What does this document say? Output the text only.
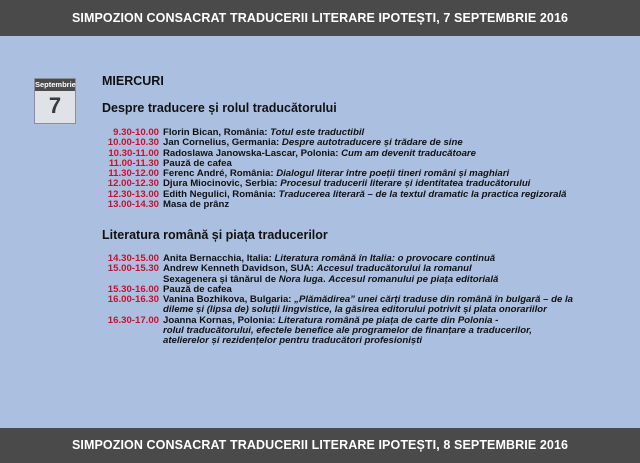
SIMPOZION CONSACRAT TRADUCERII LITERARE IPOTEȘTI, 7 SEPTEMBRIE 2016
Septembrie
7
MIERCURI
Despre traducere și rolul traducătorului
9.30-10.00 Florin Bican, România: Totul este traductibil
10.00-10.30 Jan Cornelius, Germania: Despre autotraducere și trădare de sine
10.30-11.00 Radoslawa Janowska-Lascar, Polonia: Cum am devenit traducătoare
11.00-11.30 Pauză de cafea
11.30-12.00 Ferenc André, România: Dialogul literar între poeții tineri români și maghiari
12.00-12.30 Djura Miocinovic, Serbia: Procesul traducerii literare și identitatea traducătorului
12.30-13.00 Edith Negulici, România: Traducerea literară – de la textul dramatic la practica regizorală
13.00-14.30 Masa de prânz
Literatura română și piața traducerilor
14.30-15.00 Anita Bernacchia, Italia: Literatura română în Italia: o provocare continuă
15.00-15.30 Andrew Kenneth Davidson, SUA: Accesul traducătorului la romanul
Sexagenera și tânărul de Nora Iuga. Accesul romanului pe piața editorială
15.30-16.00 Pauză de cafea
16.00-16.30 Vanina Bozhikova, Bulgaria: „Plămădirea” unei cărți traduse din română în bulgară – de la
dileme și (lipsa de) soluții lingvistice, la găsirea editorului potrivit și plata onorariilor
16.30-17.00 Joanna Kornas, Polonia: Literatura română pe piața de carte din Polonia -
rolul traducătorului, efectele benefice ale programelor de finanțare a traducerilor,
atelierelor și rezidențelor pentru traducători profesioniști
SIMPOZION CONSACRAT TRADUCERII LITERARE IPOTEȘTI, 8 SEPTEMBRIE 2016
